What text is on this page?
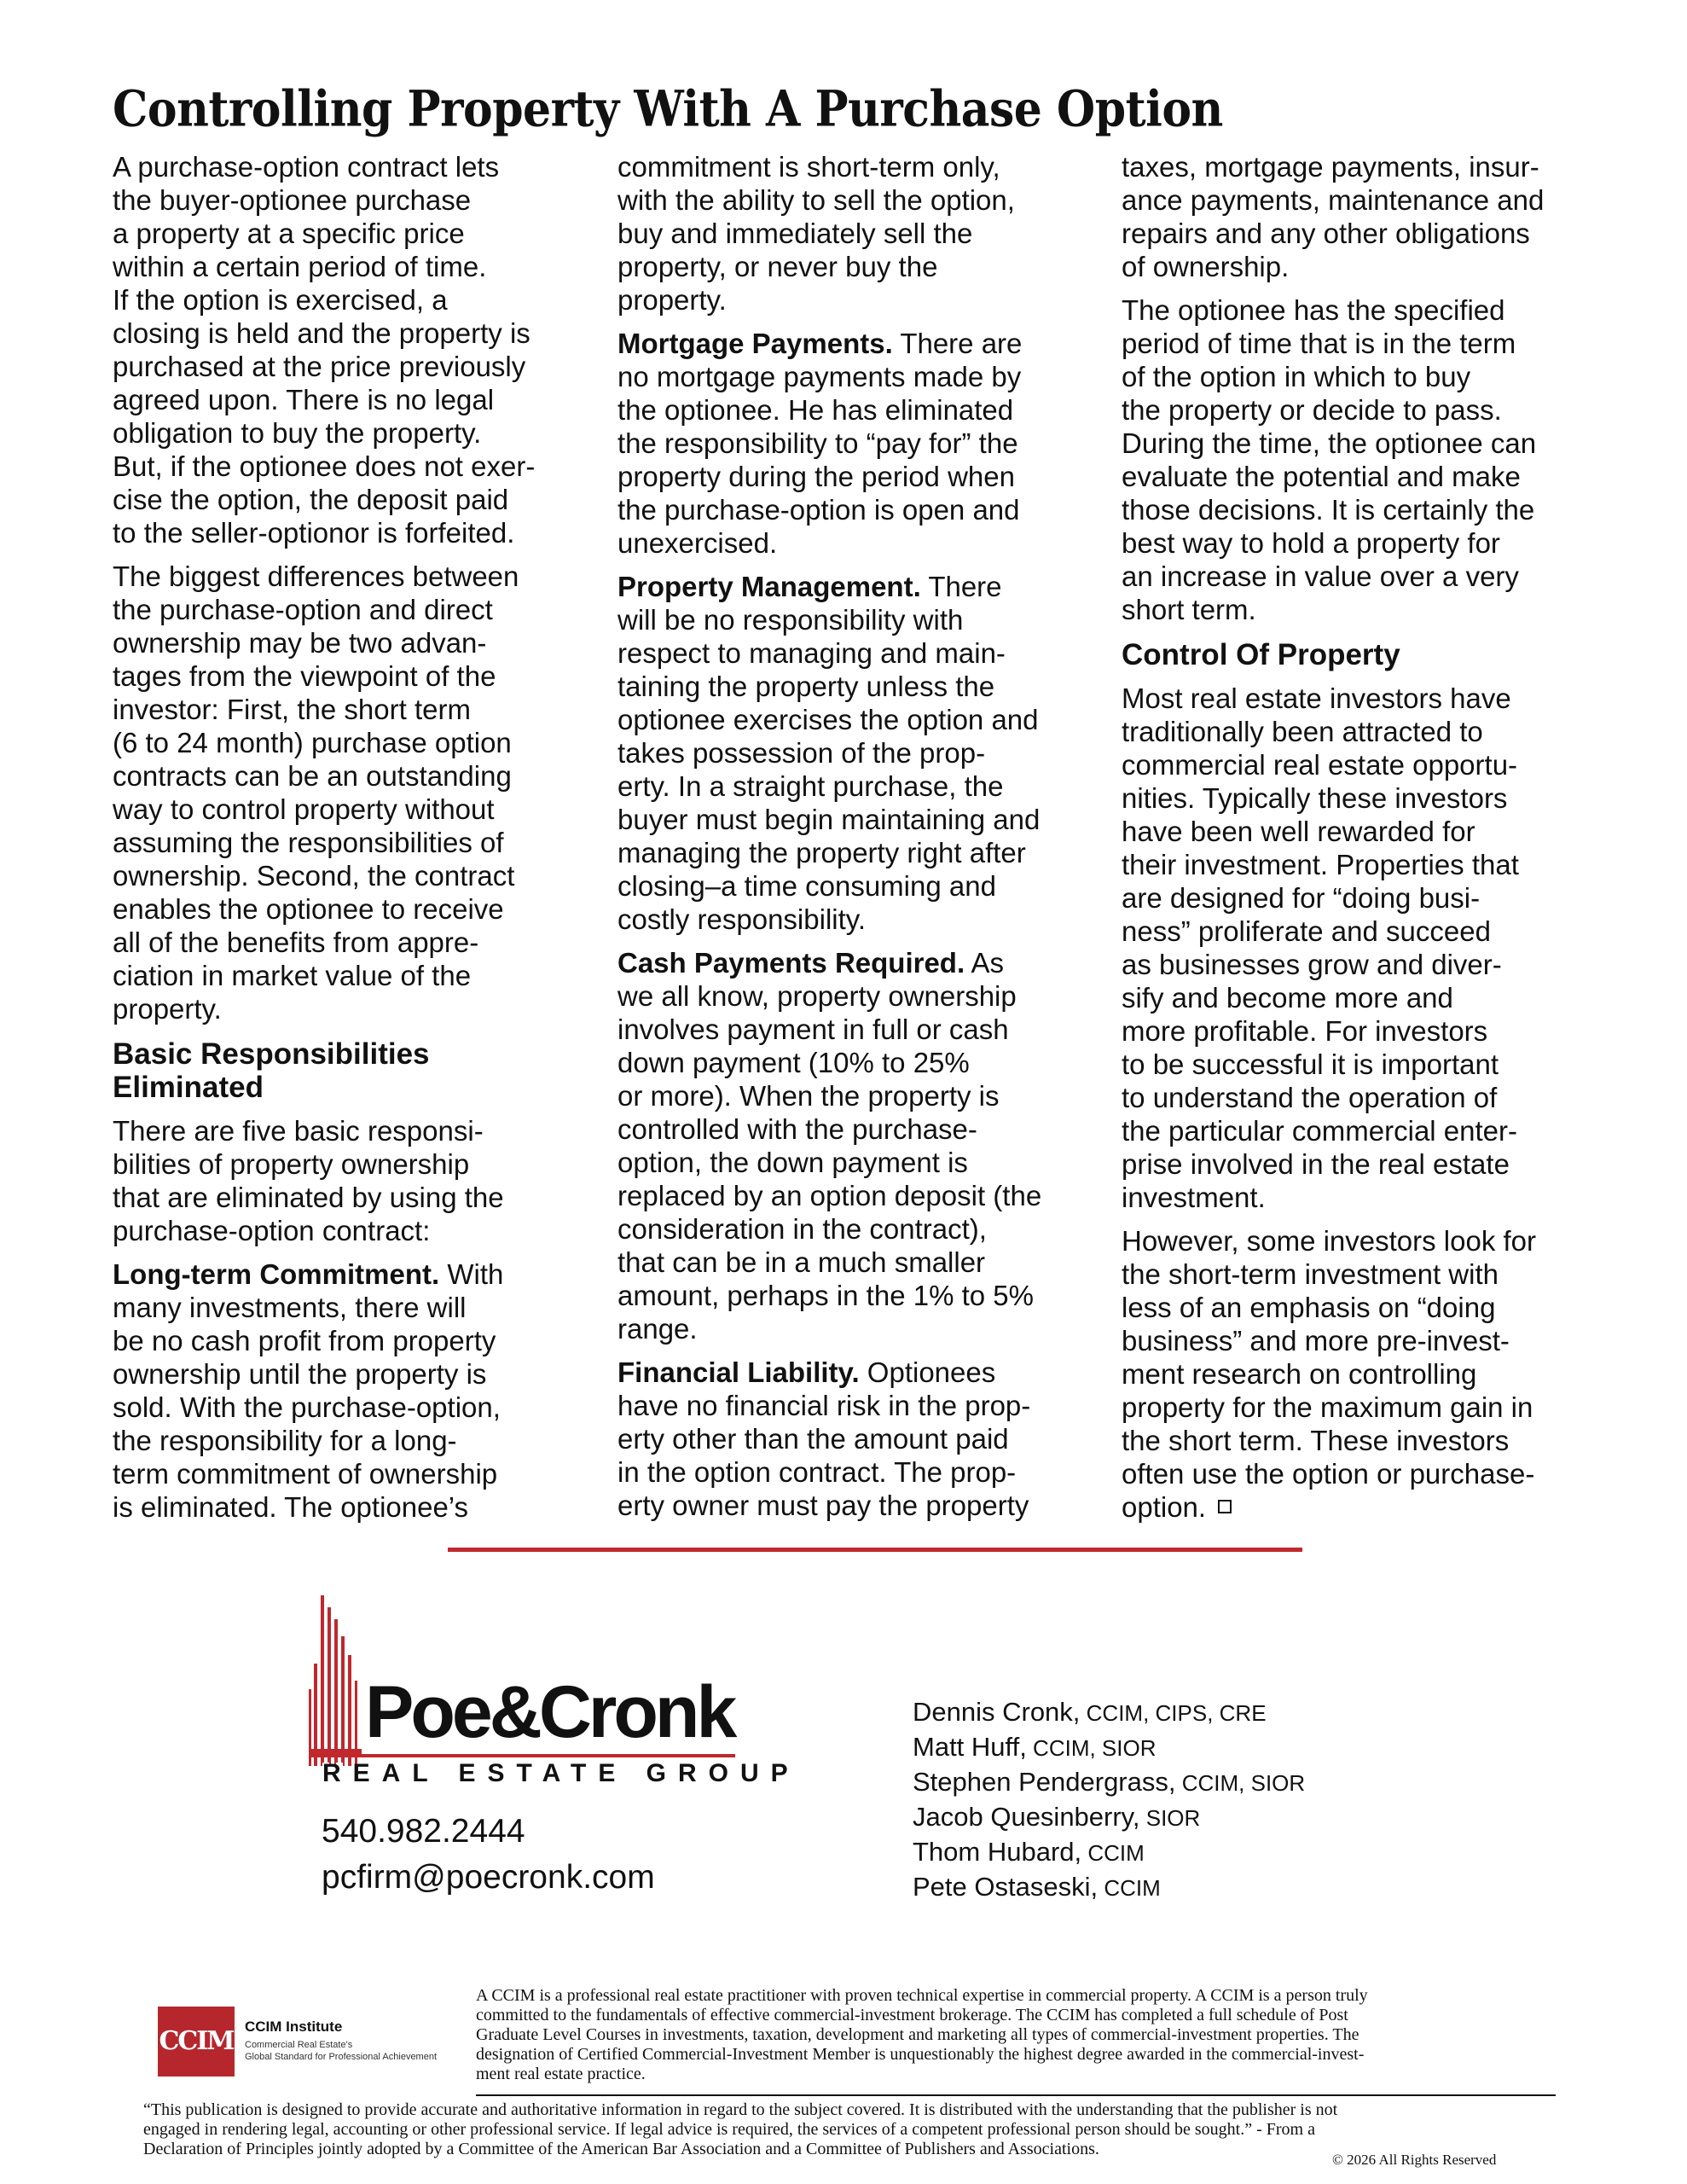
Controlling Property With A Purchase Option

A purchase-option contract lets
the buyer-optionee purchase
a property at a specific price
within a certain period of time.
If the option is exercised, a
closing is held and the property is
purchased at the price previously
agreed upon. There is no legal
obligation to buy the property.
But, if the optionee does not exer-
cise the option, the deposit paid
to the seller-optionor is forfeited.

The biggest differences between
the purchase-option and direct
ownership may be two advan-
tages from the viewpoint of the
investor: First, the short term
(6 to 24 month) purchase option
contracts can be an outstanding
way to control property without
assuming the responsibilities of
ownership. Second, the contract
enables the optionee to receive
all of the benefits from appre-
ciation in market value of the
property.

Basic Responsibilities
Eliminated

There are five basic responsi-
bilities of property ownership
that are eliminated by using the
purchase-option contract:

Long-term Commitment. With
many investments, there will
be no cash profit from property
ownership until the property is
sold. With the purchase-option,
the responsibility for a long-
term commitment of ownership
is eliminated. The optionee’s

commitment is short-term only,
with the ability to sell the option,
buy and immediately sell the
property, or never buy the
property.

Mortgage Payments. There are
no mortgage payments made by
the optionee. He has eliminated
the responsibility to “pay for” the
property during the period when
the purchase-option is open and
unexercised.

Property Management. There
will be no responsibility with
respect to managing and main-
taining the property unless the
optionee exercises the option and
takes possession of the prop-
erty. In a straight purchase, the
buyer must begin maintaining and
managing the property right after
closing–a time consuming and
costly responsibility.

Cash Payments Required. As
we all know, property ownership
involves payment in full or cash
down payment (10% to 25%
or more). When the property is
controlled with the purchase-
option, the down payment is
replaced by an option deposit (the
consideration in the contract),
that can be in a much smaller
amount, perhaps in the 1% to 5%
range.

Financial Liability. Optionees
have no financial risk in the prop-
erty other than the amount paid
in the option contract. The prop-
erty owner must pay the property

taxes, mortgage payments, insur-
ance payments, maintenance and
repairs and any other obligations
of ownership.

The optionee has the specified
period of time that is in the term
of the option in which to buy
the property or decide to pass.
During the time, the optionee can
evaluate the potential and make
those decisions. It is certainly the
best way to hold a property for
an increase in value over a very
short term.

Control Of Property

Most real estate investors have
traditionally been attracted to
commercial real estate opportu-
nities. Typically these investors
have been well rewarded for
their investment. Properties that
are designed for “doing busi-
ness” proliferate and succeed
as businesses grow and diver-
sify and become more and
more profitable. For investors
to be successful it is important
to understand the operation of
the particular commercial enter-
prise involved in the real estate
investment.

However, some investors look for
the short-term investment with
less of an emphasis on “doing
business” and more pre-invest-
ment research on controlling
property for the maximum gain in
the short term. These investors
often use the option or purchase-
option.

Poe&Cronk
REAL ESTATE GROUP
540.982.2444
pcfirm@poecronk.com
Dennis Cronk, CCIM, CIPS, CRE
Matt Huff, CCIM, SIOR
Stephen Pendergrass, CCIM, SIOR
Jacob Quesinberry, SIOR
Thom Hubard, CCIM
Pete Ostaseski, CCIM
CCIM CCIM Institute
Commercial Real Estate's
Global Standard for Professional Achievement
A CCIM is a professional real estate practitioner with proven technical expertise in commercial property. A CCIM is a person truly
committed to the fundamentals of effective commercial-investment brokerage. The CCIM has completed a full schedule of Post
Graduate Level Courses in investments, taxation, development and marketing all types of commercial-investment properties. The
designation of Certified Commercial-Investment Member is unquestionably the highest degree awarded in the commercial-invest-
ment real estate practice.
“This publication is designed to provide accurate and authoritative information in regard to the subject covered. It is distributed with the understanding that the publisher is not
engaged in rendering legal, accounting or other professional service. If legal advice is required, the services of a competent professional person should be sought.” - From a
Declaration of Principles jointly adopted by a Committee of the American Bar Association and a Committee of Publishers and Associations.
© 2026 All Rights Reserved
